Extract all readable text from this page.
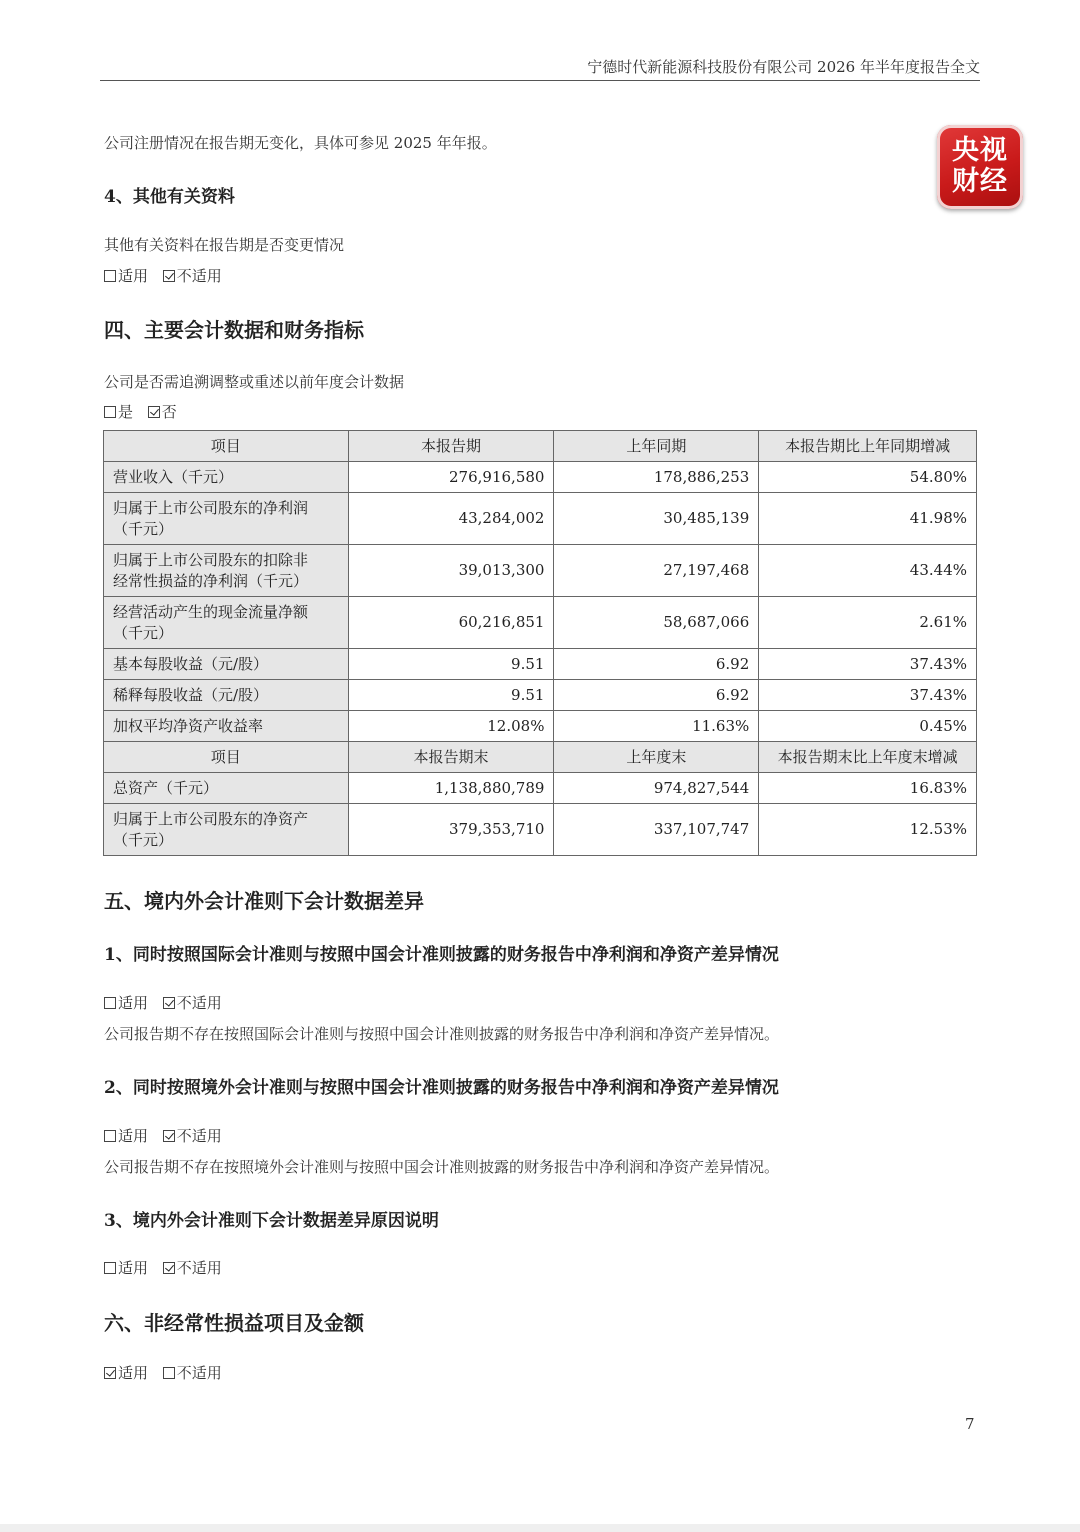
宁德时代新能源科技股份有限公司 2026 年半年度报告全文
央视
财经
公司注册情况在报告期无变化，具体可参见 2025 年年报。
4、其他有关资料
其他有关资料在报告期是否变更情况
适用 不适用
四、主要会计数据和财务指标
公司是否需追溯调整或重述以前年度会计数据
是 否
项目	本报告期	上年同期	本报告期比上年同期增减
营业收入（千元）	276,916,580	178,886,253	54.80%

归属于上市公司股东的净利润
（千元）	43,284,002	30,485,139	41.98%

归属于上市公司股东的扣除非
经常性损益的净利润（千元）	39,013,300	27,197,468	43.44%

经营活动产生的现金流量净额
（千元）	60,216,851	58,687,066	2.61%
基本每股收益（元/股）	9.51	6.92	37.43%
稀释每股收益（元/股）	9.51	6.92	37.43%
加权平均净资产收益率	12.08%	11.63%	0.45%
项目	本报告期末	上年度末	本报告期末比上年度末增减
总资产（千元）	1,138,880,789	974,827,544	16.83%

归属于上市公司股东的净资产
（千元）	379,353,710	337,107,747	12.53%
五、境内外会计准则下会计数据差异
1、同时按照国际会计准则与按照中国会计准则披露的财务报告中净利润和净资产差异情况
适用 不适用
公司报告期不存在按照国际会计准则与按照中国会计准则披露的财务报告中净利润和净资产差异情况。
2、同时按照境外会计准则与按照中国会计准则披露的财务报告中净利润和净资产差异情况
适用 不适用
公司报告期不存在按照境外会计准则与按照中国会计准则披露的财务报告中净利润和净资产差异情况。
3、境内外会计准则下会计数据差异原因说明
适用 不适用
六、非经常性损益项目及金额
适用 不适用
7
